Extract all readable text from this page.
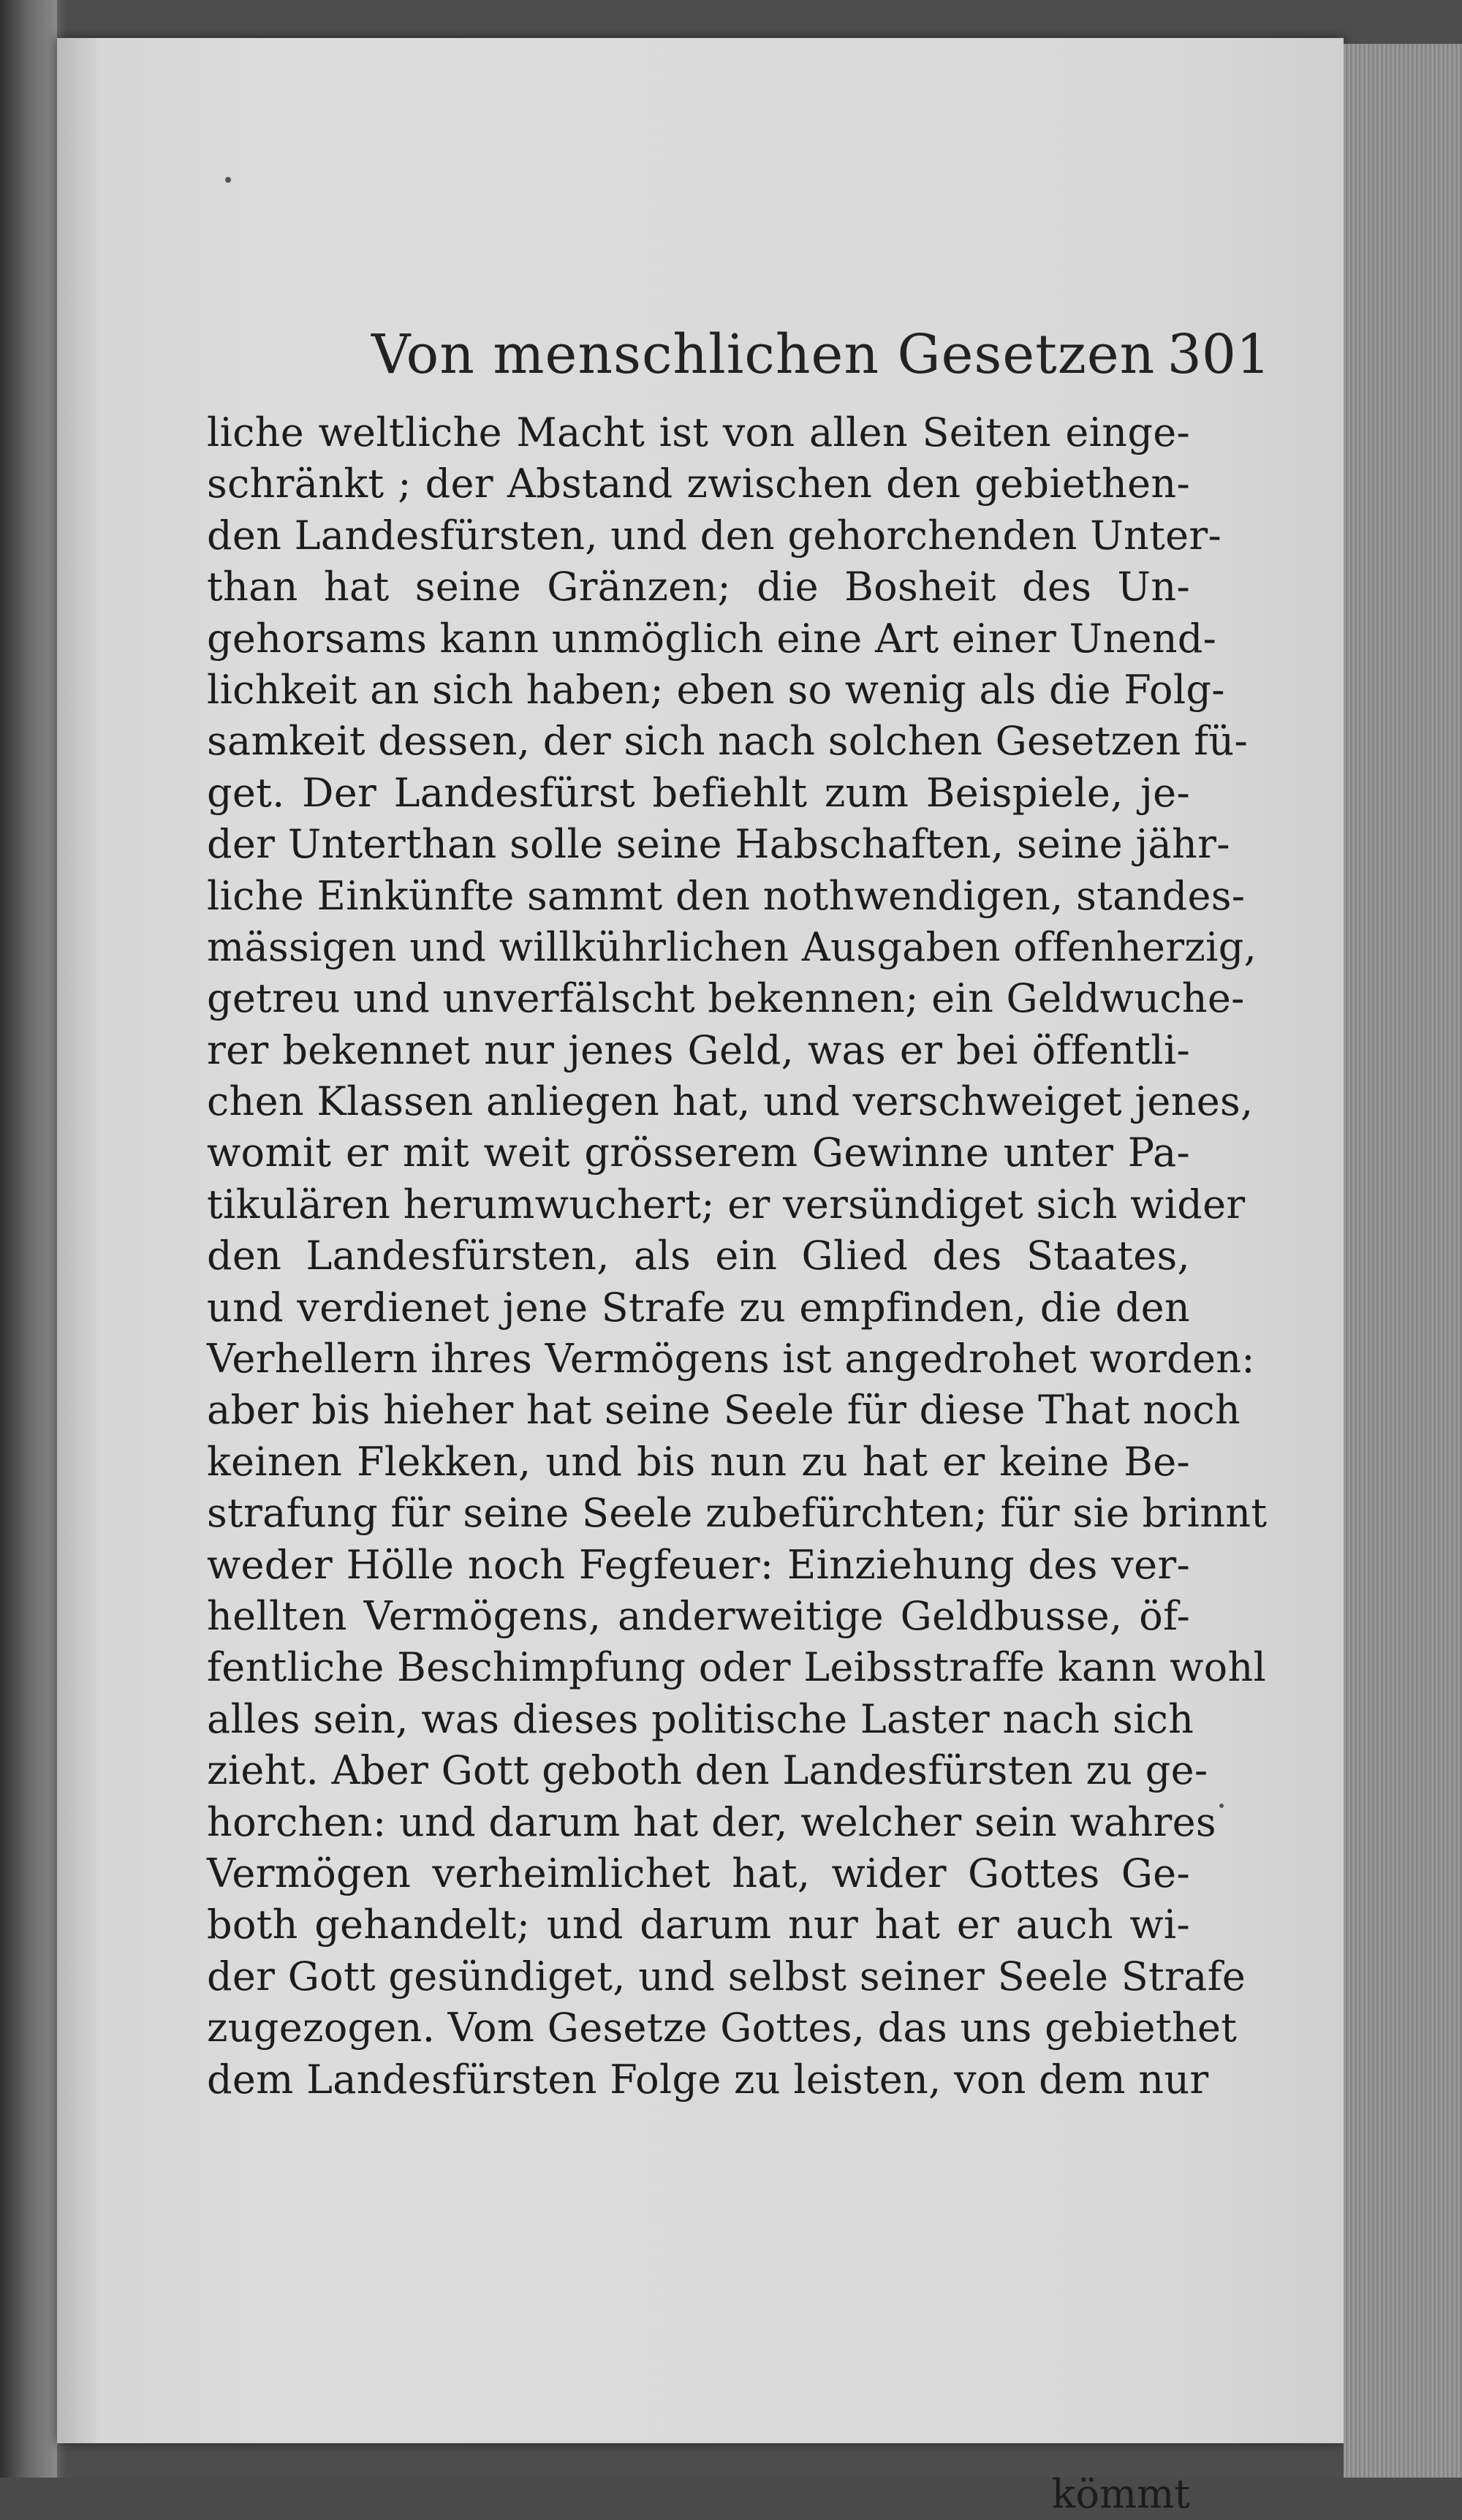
Von menschlichen Gesetzen 301
liche weltliche Macht ist von allen Seiten einge-
schränkt ; der Abstand zwischen den gebiethen-
den Landesfürsten, und den gehorchenden Unter-
than hat seine Gränzen; die Bosheit des Un-
gehorsams kann unmöglich eine Art einer Unend-
lichkeit an sich haben; eben so wenig als die Folg-
samkeit dessen, der sich nach solchen Gesetzen fü-
get. Der Landesfürst befiehlt zum Beispiele, je-
der Unterthan solle seine Habschaften, seine jähr-
liche Einkünfte sammt den nothwendigen, standes-
mässigen und willkührlichen Ausgaben offenherzig,
getreu und unverfälscht bekennen; ein Geldwuche-
rer bekennet nur jenes Geld, was er bei öffentli-
chen Klassen anliegen hat, und verschweiget jenes,
womit er mit weit grösserem Gewinne unter Pa-
tikulären herumwuchert; er versündiget sich wider
den Landesfürsten, als ein Glied des Staates,
und verdienet jene Strafe zu empfinden, die den
Verhellern ihres Vermögens ist angedrohet worden:
aber bis hieher hat seine Seele für diese That noch
keinen Flekken, und bis nun zu hat er keine Be-
strafung für seine Seele zubefürchten; für sie brinnt
weder Hölle noch Fegfeuer: Einziehung des ver-
hellten Vermögens, anderweitige Geldbusse, öf-
fentliche Beschimpfung oder Leibsstraffe kann wohl
alles sein, was dieses politische Laster nach sich
zieht. Aber Gott geboth den Landesfürsten zu ge-
horchen: und darum hat der, welcher sein wahres
Vermögen verheimlichet hat, wider Gottes Ge-
both gehandelt; und darum nur hat er auch wi-
der Gott gesündiget, und selbst seiner Seele Strafe
zugezogen. Vom Gesetze Gottes, das uns gebiethet
dem Landesfürsten Folge zu leisten, von dem nur
kömmt
